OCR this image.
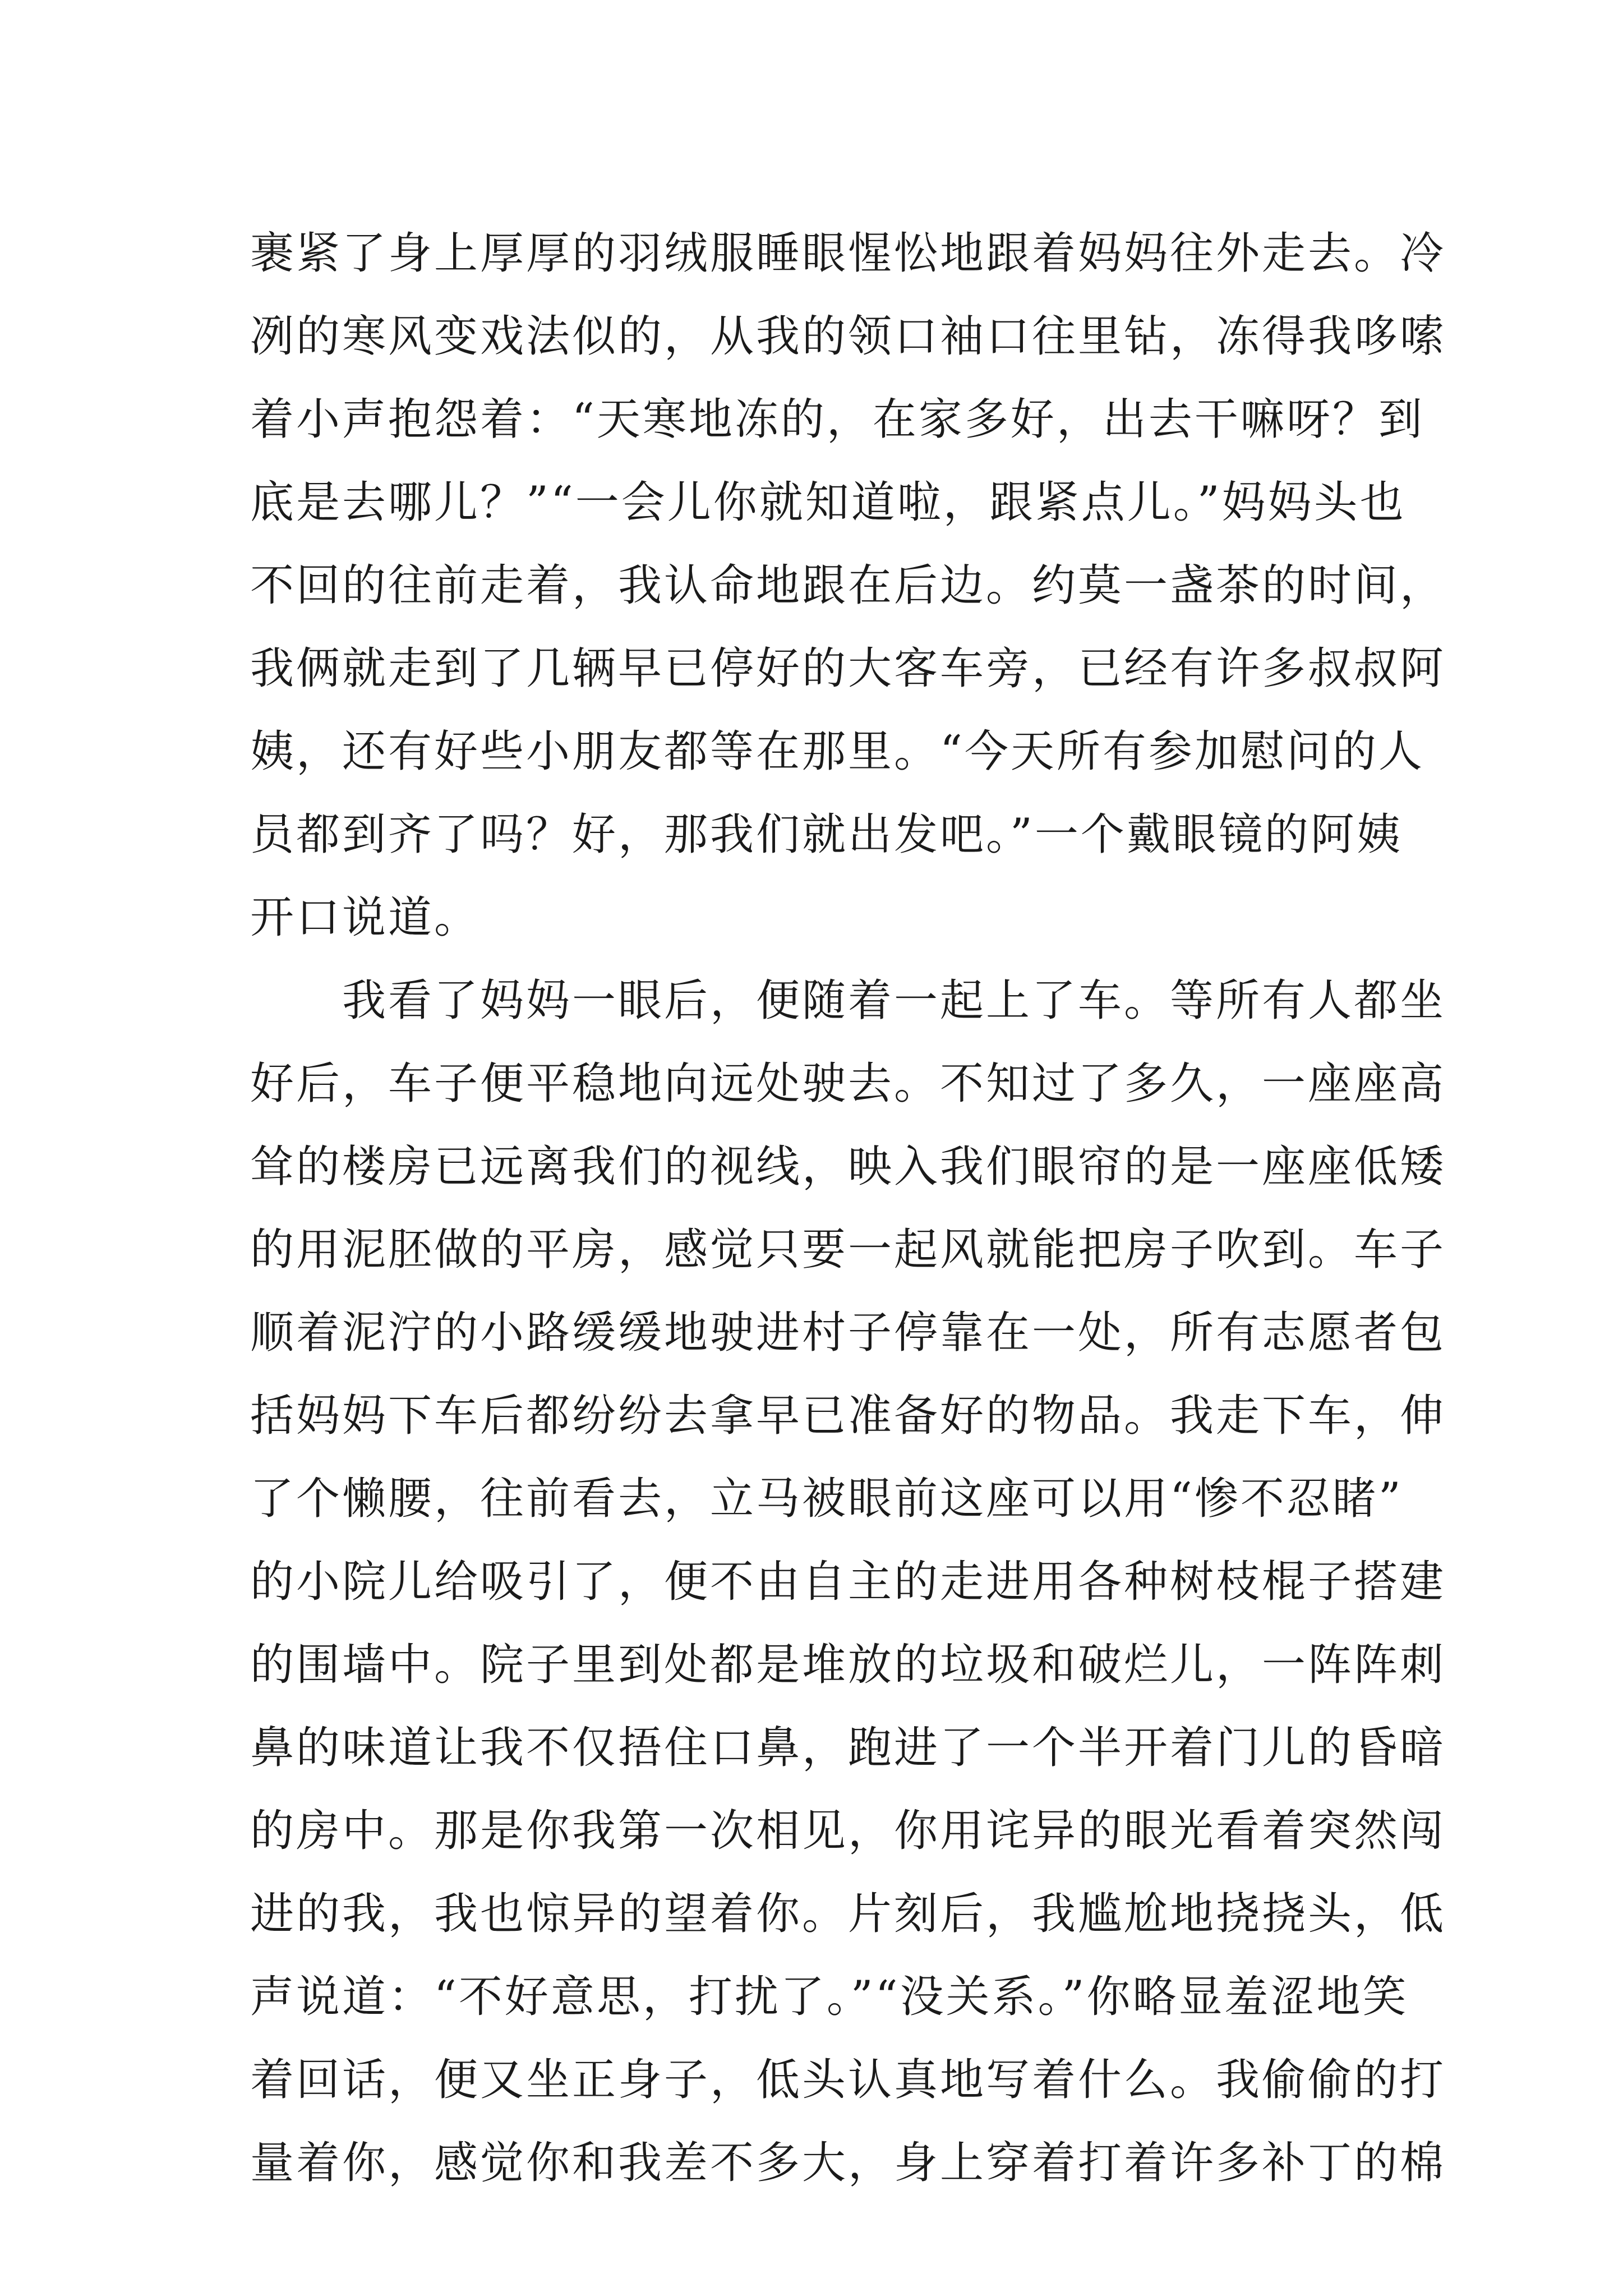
裹紧了身上厚厚的羽绒服睡眼惺忪地跟着妈妈往外走去。冷
冽的寒风变戏法似的，从我的领口袖口往里钻，冻得我哆嗦
着小声抱怨着：“天寒地冻的，在家多好，出去干嘛呀？到
底是去哪儿？”“一会儿你就知道啦，跟紧点儿。”妈妈头也
不回的往前走着，我认命地跟在后边。约莫一盏茶的时间，
我俩就走到了几辆早已停好的大客车旁，已经有许多叔叔阿
姨，还有好些小朋友都等在那里。“今天所有参加慰问的人
员都到齐了吗？好，那我们就出发吧。”一个戴眼镜的阿姨
开口说道。
我看了妈妈一眼后，便随着一起上了车。等所有人都坐
好后，车子便平稳地向远处驶去。不知过了多久，一座座高
耸的楼房已远离我们的视线，映入我们眼帘的是一座座低矮
的用泥胚做的平房，感觉只要一起风就能把房子吹到。车子
顺着泥泞的小路缓缓地驶进村子停靠在一处，所有志愿者包
括妈妈下车后都纷纷去拿早已准备好的物品。我走下车，伸
了个懒腰，往前看去，立马被眼前这座可以用“惨不忍睹”
的小院儿给吸引了，便不由自主的走进用各种树枝棍子搭建
的围墙中。院子里到处都是堆放的垃圾和破烂儿，一阵阵刺
鼻的味道让我不仅捂住口鼻，跑进了一个半开着门儿的昏暗
的房中。那是你我第一次相见，你用诧异的眼光看着突然闯
进的我，我也惊异的望着你。片刻后，我尴尬地挠挠头，低
声说道：“不好意思，打扰了。”“没关系。”你略显羞涩地笑
着回话，便又坐正身子，低头认真地写着什么。我偷偷的打
量着你，感觉你和我差不多大，身上穿着打着许多补丁的棉
